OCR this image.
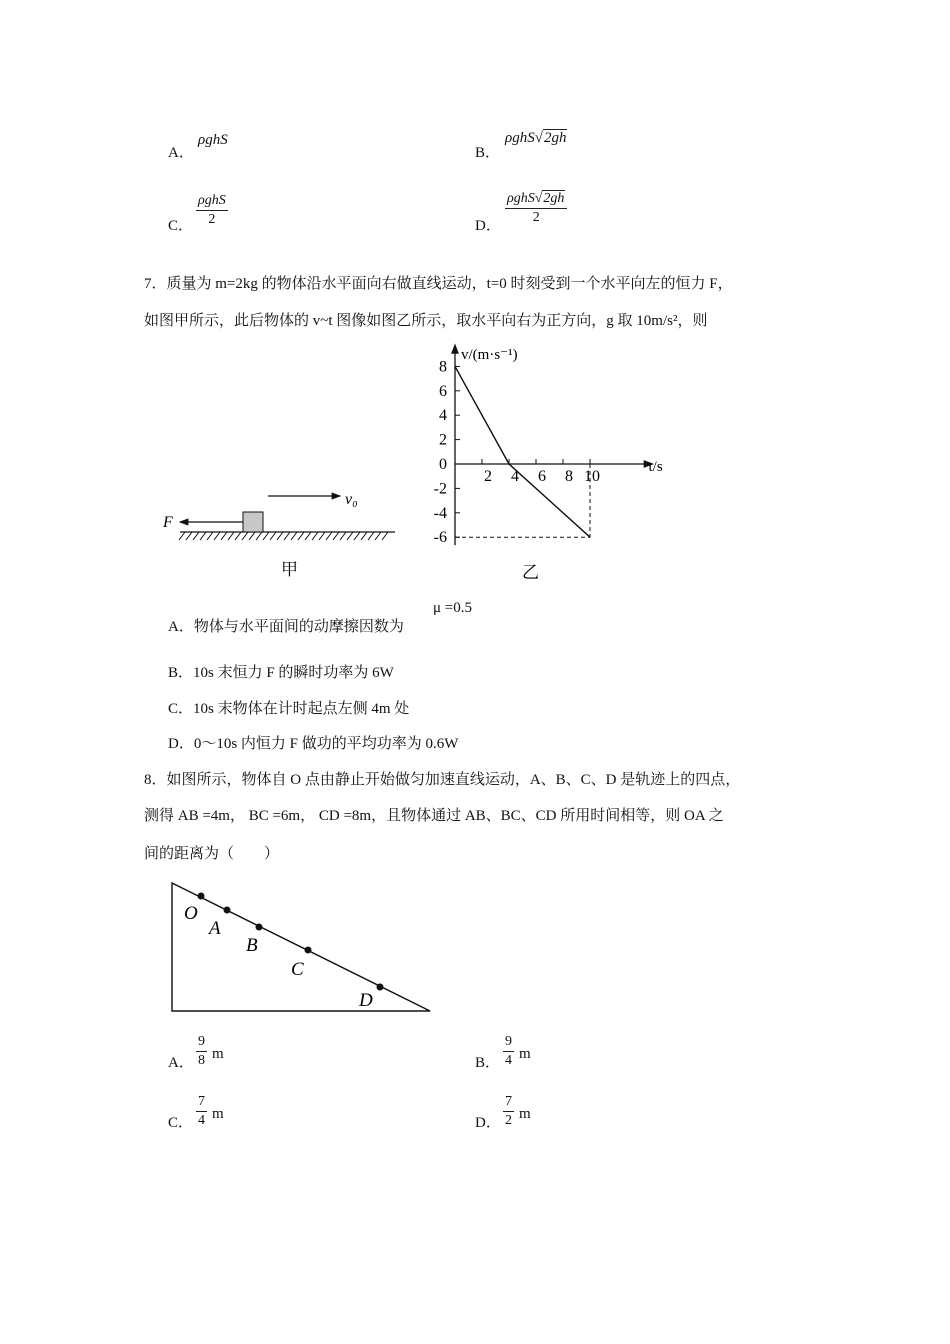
A．
ρghS
B．
ρghS√2gh
C．
ρghS
2	D．
ρghS√2gh
2
7．质量为 m=2kg 的物体沿水平面向右做直线运动，t=0 时刻受到一个水平向左的恒力 F，
如图甲所示，此后物体的 v~t 图像如图乙所示，取水平向右为正方向，g 取 10m/s²，则
F
v₀
甲
8
6
4
2
0
-2
-4
-6
2 4 6 8 10
v/(m·s⁻¹)
t/s
乙
A．物体与水平面间的动摩擦因数为
μ =0.5
B．10s 末恒力 F 的瞬时功率为 6W
C．10s 末物体在计时起点左侧 4m 处
D．0～10s 内恒力 F 做功的平均功率为 0.6W
8．如图所示，物体自 O 点由静止开始做匀加速直线运动，A、B、C、D 是轨迹上的四点，
测得 AB =4m， BC =6m， CD =8m，且物体通过 AB、BC、CD 所用时间相等，则 OA 之
间的距离为（　　）
O
A
B
C
D
A． $\frac{9}{8}$ m
B． $\frac{9}{4}$ m
C． $\frac{7}{4}$ m
D． $\frac{7}{2}$ m
